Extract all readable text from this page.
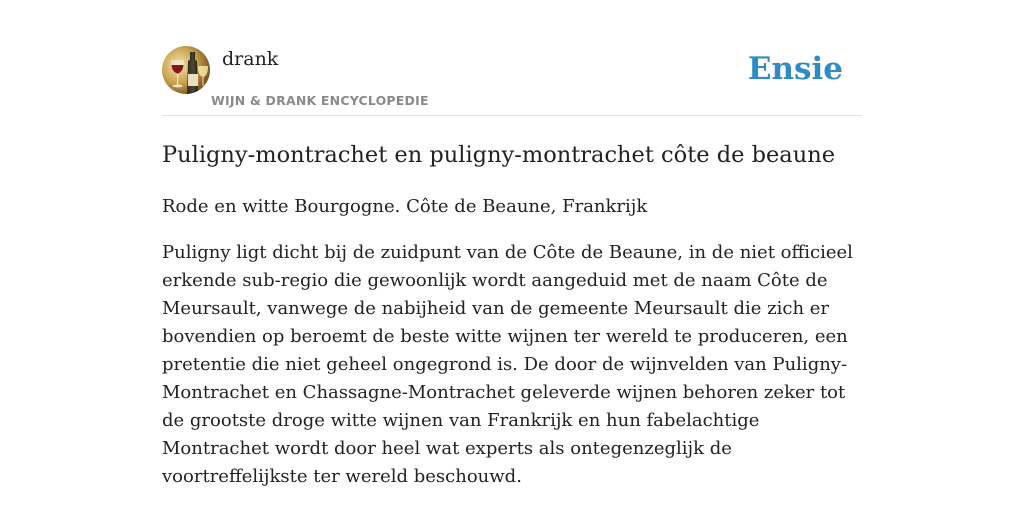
drank
WIJN & DRANK ENCYCLOPEDIE
Ensie
Puligny-montrachet en puligny-montrachet côte de beaune

Rode en witte Bourgogne. Côte de Beaune, Frankrijk

Puligny ligt dicht bij de zuidpunt van de Côte de Beaune, in de niet officieel erkende sub-regio die gewoonlijk wordt aangeduid met de naam Côte de Meursault, vanwege de nabijheid van de gemeente Meursault die zich er bovendien op beroemt de beste witte wijnen ter wereld te produceren, een pretentie die niet geheel ongegrond is. De door de wijnvelden van Puligny-Montrachet en Chassagne-Montrachet geleverde wijnen behoren zeker tot de grootste droge witte wijnen van Frankrijk en hun fabelachtige Montrachet wordt door heel wat experts als ontegenzeglijk de voortreffelijkste ter wereld beschouwd.
